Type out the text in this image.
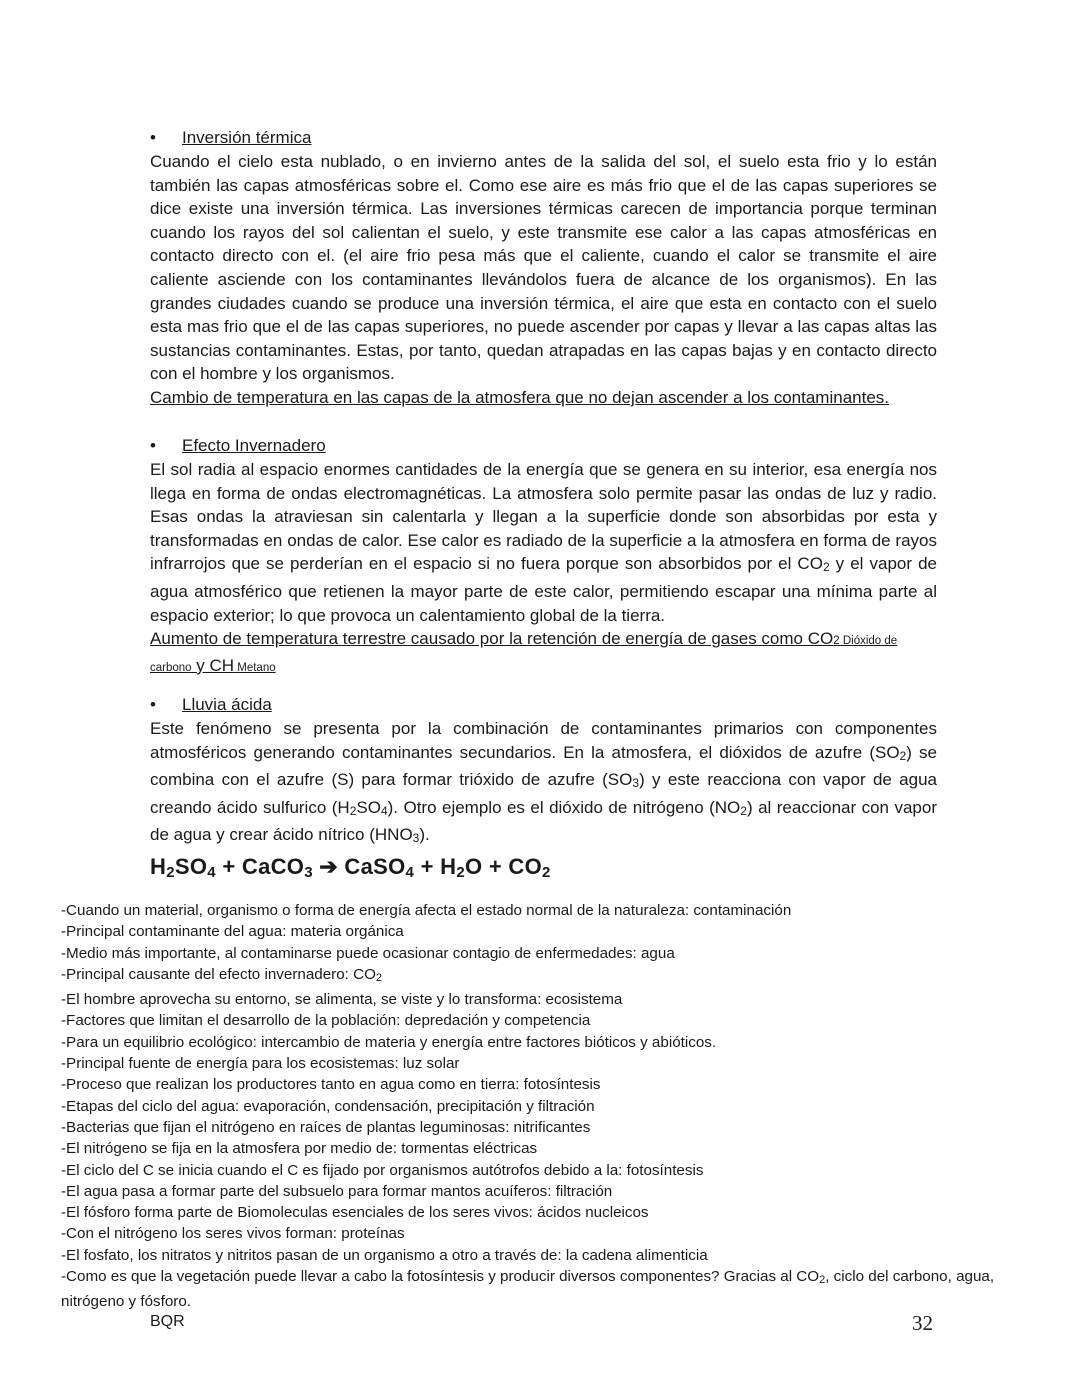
• Inversión térmica

Cuando el cielo esta nublado, o en invierno antes de la salida del sol, el suelo esta frio y lo están también las capas atmosféricas sobre el. Como ese aire es más frio que el de las capas superiores se dice existe una inversión térmica. Las inversiones térmicas carecen de importancia porque terminan cuando los rayos del sol calientan el suelo, y este transmite ese calor a las capas atmosféricas en contacto directo con el. (el aire frio pesa más que el caliente, cuando el calor se transmite el aire caliente asciende con los contaminantes llevándolos fuera de alcance de los organismos). En las grandes ciudades cuando se produce una inversión térmica, el aire que esta en contacto con el suelo esta mas frio que el de las capas superiores, no puede ascender por capas y llevar a las capas altas las sustancias contaminantes. Estas, por tanto, quedan atrapadas en las capas bajas y en contacto directo con el hombre y los organismos.

Cambio de temperatura en las capas de la atmosfera que no dejan ascender a los contaminantes.

• Efecto Invernadero

El sol radia al espacio enormes cantidades de la energía que se genera en su interior, esa energía nos llega en forma de ondas electromagnéticas. La atmosfera solo permite pasar las ondas de luz y radio. Esas ondas la atraviesan sin calentarla y llegan a la superficie donde son absorbidas por esta y transformadas en ondas de calor. Ese calor es radiado de la superficie a la atmosfera en forma de rayos infrarrojos que se perderían en el espacio si no fuera porque son absorbidos por el CO2 y el vapor de agua atmosférico que retienen la mayor parte de este calor, permitiendo escapar una mínima parte al espacio exterior; lo que provoca un calentamiento global de la tierra.

Aumento de temperatura terrestre causado por la retención de energía de gases como CO2 Dióxido de carbono y CH Metano

• Lluvia ácida

Este fenómeno se presenta por la combinación de contaminantes primarios con componentes atmosféricos generando contaminantes secundarios. En la atmosfera, el dióxidos de azufre (SO2) se combina con el azufre (S) para formar trióxido de azufre (SO3) y este reacciona con vapor de agua creando ácido sulfurico (H2SO4). Otro ejemplo es el dióxido de nitrógeno (NO2) al reaccionar con vapor de agua y crear ácido nítrico (HNO3).

$H_2SO_4$ + CaCO$_3$ ➔ CaSO$_4$ + $H_2O + CO_2$
-Cuando un material, organismo o forma de energía afecta el estado normal de la naturaleza: contaminación
-Principal contaminante del agua: materia orgánica
-Medio más importante, al contaminarse puede ocasionar contagio de enfermedades: agua
-Principal causante del efecto invernadero: CO2
-El hombre aprovecha su entorno, se alimenta, se viste y lo transforma: ecosistema
-Factores que limitan el desarrollo de la población: depredación y competencia
-Para un equilibrio ecológico: intercambio de materia y energía entre factores bióticos y abióticos.
-Principal fuente de energía para los ecosistemas: luz solar
-Proceso que realizan los productores tanto en agua como en tierra: fotosíntesis
-Etapas del ciclo del agua: evaporación, condensación, precipitación y filtración
-Bacterias que fijan el nitrógeno en raíces de plantas leguminosas: nitrificantes
-El nitrógeno se fija en la atmosfera por medio de: tormentas eléctricas
-El ciclo del C se inicia cuando el C es fijado por organismos autótrofos debido a la: fotosíntesis
-El agua pasa a formar parte del subsuelo para formar mantos acuíferos: filtración
-El fósforo forma parte de Biomoleculas esenciales de los seres vivos: ácidos nucleicos
-Con el nitrógeno los seres vivos forman: proteínas
-El fosfato, los nitratos y nitritos pasan de un organismo a otro a través de: la cadena alimenticia
-Como es que la vegetación puede llevar a cabo la fotosíntesis y producir diversos componentes? Gracias al CO2, ciclo del carbono, agua, nitrógeno y fósforo.
BQR	32
